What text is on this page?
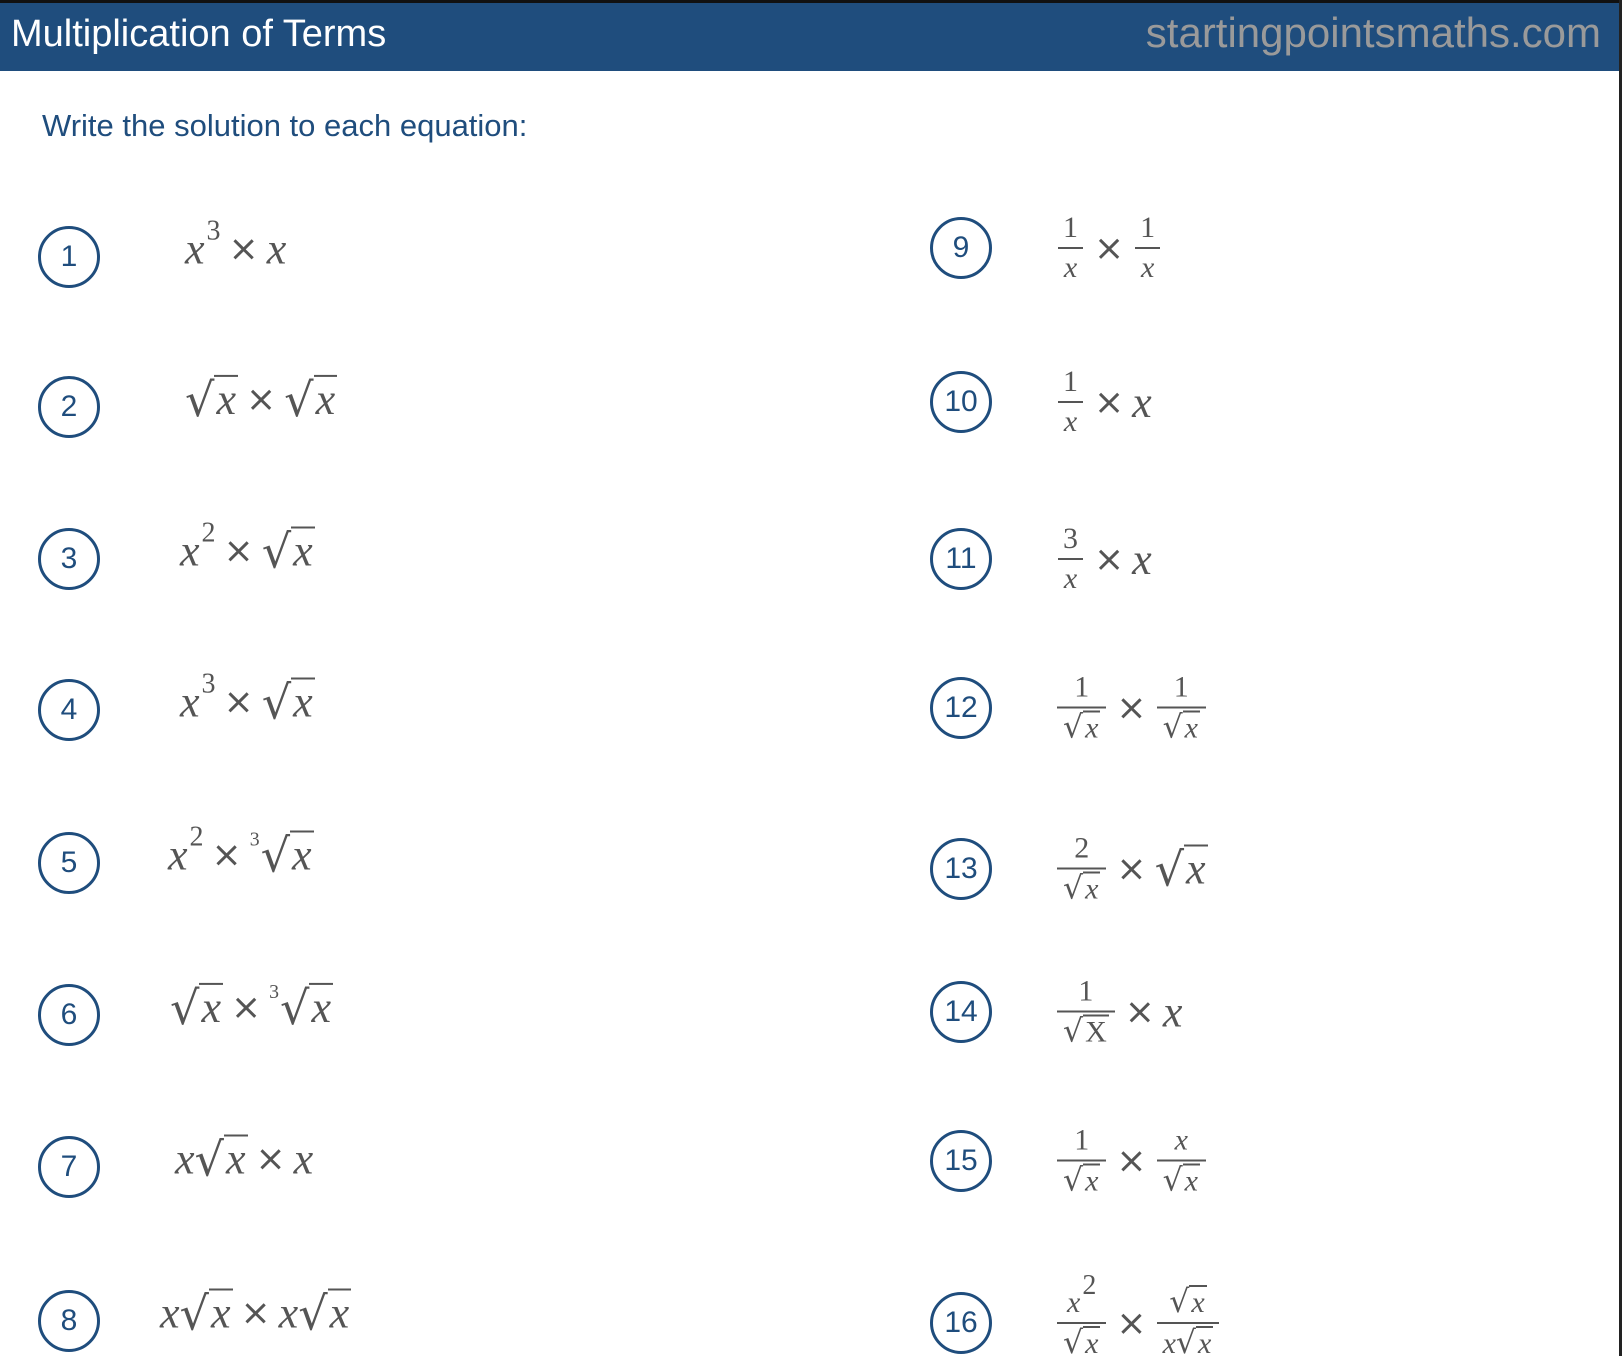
Multiplication of Terms	startingpointsmaths.com
Write the solution to each equation:
1	x 3 × x
2	√ x × √ x
3	x 2 × √ x
4	x 3 × √ x
5	x 2 × 3 √ x
6	√ x × 3 √ x
7	x √ x × x
8	x √ x × x √ x
9	$\frac{1}{x} \times \frac{1}{x}$
10	$\frac{1}{x} \times x$
11	$\frac{3}{x} \times x$
12	$\frac{1}{√ x} \times \frac{1}{√ x}$
13	$\frac{2}{√ x}$ × √ x
14	$\frac{1}{√ X} \times x$
15	$\frac{1}{√ x} \times \frac{x}{√ x}$
16	$\frac{x2}{√ x} \times \frac{√ x}{x √ x}$
